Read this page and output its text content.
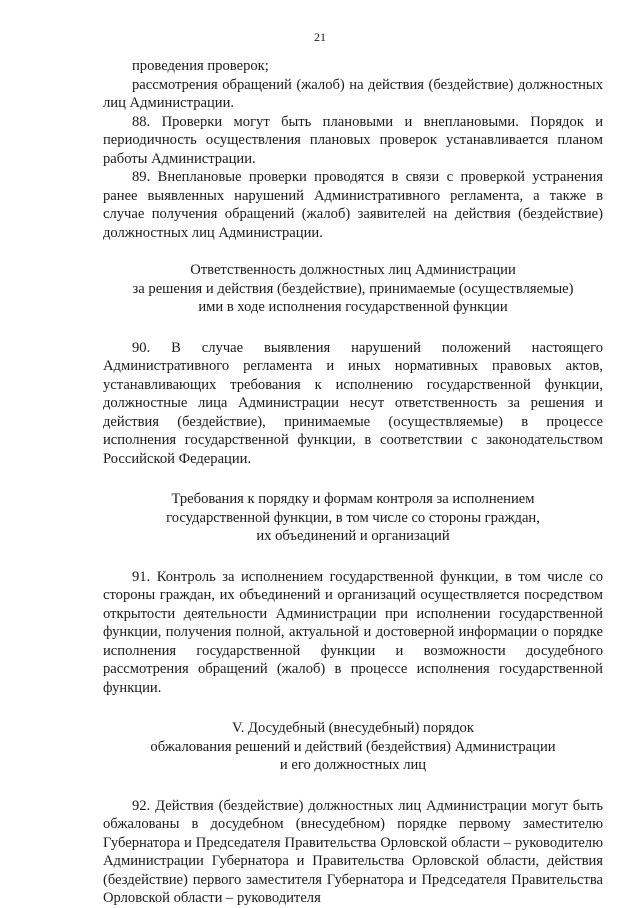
21

проведения проверок;

рассмотрения обращений (жалоб) на действия (бездействие) должностных лиц Администрации.

88. Проверки могут быть плановыми и внеплановыми. Порядок и периодичность осуществления плановых проверок устанавливается планом работы Администрации.

89. Внеплановые проверки проводятся в связи с проверкой устранения ранее выявленных нарушений Административного регламента, а также в случае получения обращений (жалоб) заявителей на действия (бездействие) должностных лиц Администрации.

Ответственность должностных лиц Администрации
за решения и действия (бездействие), принимаемые (осуществляемые)
ими в ходе исполнения государственной функции

90. В случае выявления нарушений положений настоящего Административного регламента и иных нормативных правовых актов, устанавливающих требования к исполнению государственной функции, должностные лица Администрации несут ответственность за решения и действия (бездействие), принимаемые (осуществляемые) в процессе исполнения государственной функции, в соответствии с законодательством Российской Федерации.

Требования к порядку и формам контроля за исполнением
государственной функции, в том числе со стороны граждан,
их объединений и организаций

91. Контроль за исполнением государственной функции, в том числе со стороны граждан, их объединений и организаций осуществляется посредством открытости деятельности Администрации при исполнении государственной функции, получения полной, актуальной и достоверной информации о порядке исполнения государственной функции и возможности досудебного рассмотрения обращений (жалоб) в процессе исполнения государственной функции.

V. Досудебный (внесудебный) порядок
обжалования решений и действий (бездействия) Администрации
и его должностных лиц

92. Действия (бездействие) должностных лиц Администрации могут быть обжалованы в досудебном (внесудебном) порядке первому заместителю Губернатора и Председателя Правительства Орловской области – руководителю Администрации Губернатора и Правительства Орловской области, действия (бездействие) первого заместителя Губернатора и Председателя Правительства Орловской области – руководителя
